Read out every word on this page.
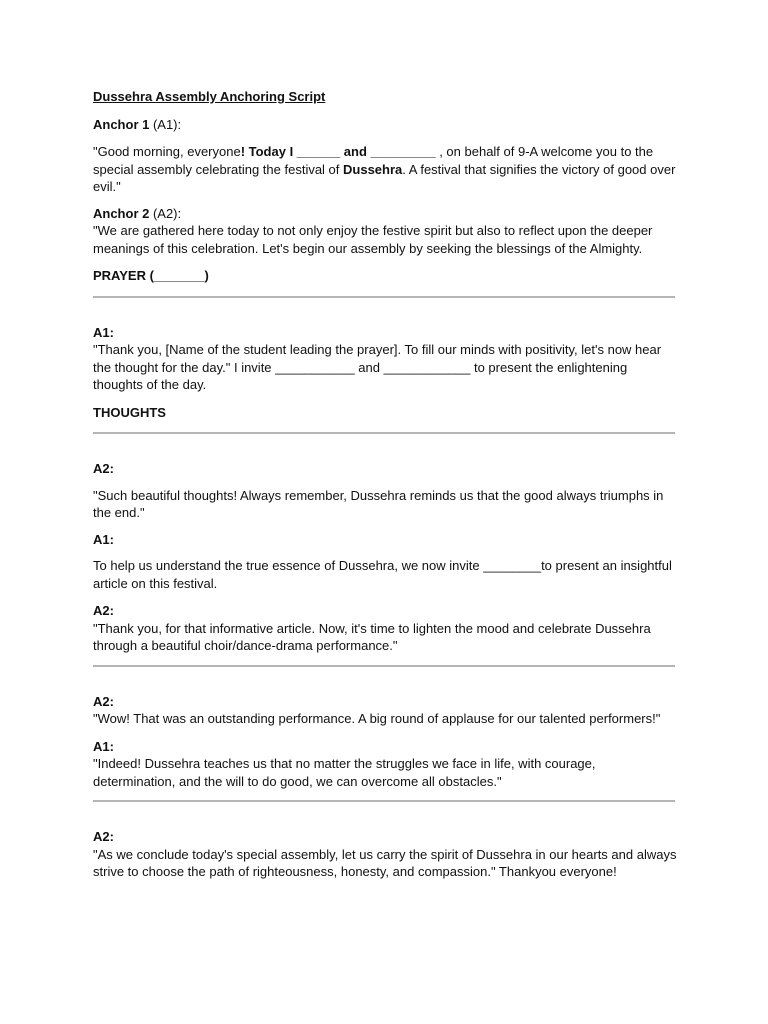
Dussehra Assembly Anchoring Script

Anchor 1 (A1):

"Good morning, everyone! Today I ______ and _________ , on behalf of 9-A welcome you to the special assembly celebrating the festival of Dussehra. A festival that signifies the victory of good over evil."

Anchor 2 (A2):

"We are gathered here today to not only enjoy the festive spirit but also to reflect upon the deeper meanings of this celebration. Let's begin our assembly by seeking the blessings of the Almighty.

PRAYER (_______)

A1:

"Thank you, [Name of the student leading the prayer]. To fill our minds with positivity, let's now hear the thought for the day." I invite ___________ and ____________ to present the enlightening thoughts of the day.

THOUGHTS

A2:

"Such beautiful thoughts! Always remember, Dussehra reminds us that the good always triumphs in the end."

A1:

To help us understand the true essence of Dussehra, we now invite ________to present an insightful article on this festival.

A2:

"Thank you, for that informative article. Now, it's time to lighten the mood and celebrate Dussehra through a beautiful choir/dance-drama performance."

A2:

"Wow! That was an outstanding performance. A big round of applause for our talented performers!"

A1:

"Indeed! Dussehra teaches us that no matter the struggles we face in life, with courage, determination, and the will to do good, we can overcome all obstacles."

A2:

"As we conclude today's special assembly, let us carry the spirit of Dussehra in our hearts and always strive to choose the path of righteousness, honesty, and compassion." Thankyou everyone!
